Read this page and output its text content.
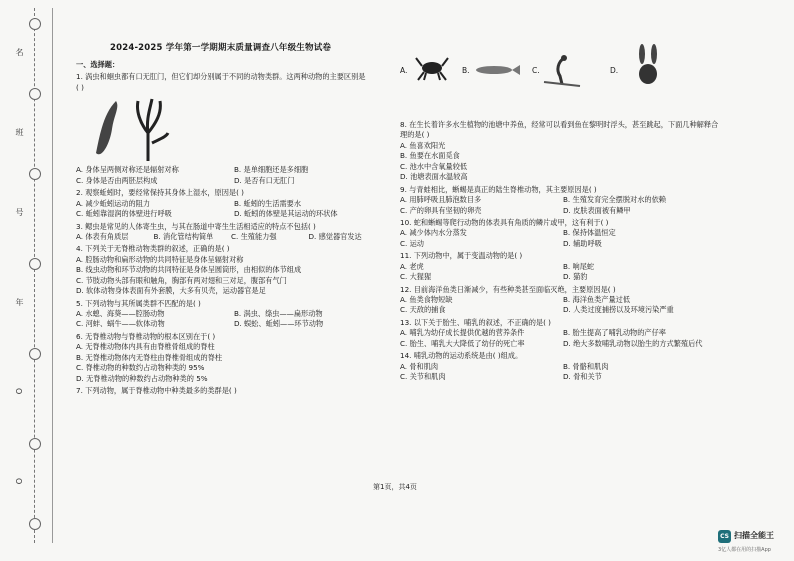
名
班
号
年
O
O
2024-2025 学年第一学期期末质量调查八年级生物试卷
一、选择题：
1. 涡虫和蛔虫都有口无肛门，但它们却分别属于不同的动物类群。这两种动物的主要区别是
( )
A. 身体呈两侧对称还是辐射对称	B. 是单细胞还是多细胞
C. 身体是否由两胚层构成	D. 是否有口无肛门
2. 观察蚯蚓时，要经常保持其身体上湿水，原因是( )
A. 减少蚯蚓运动的阻力	B. 蚯蚓的生活需要水
C. 蚯蚓靠湿润的体壁进行呼吸	D. 蚯蚓的体壁是其运动的环状体
3. 鳃虫是常见的人体寄生虫，与其在肠道中寄生生活相适应的特点不包括( )
A. 体表有角质层	B. 消化管结构简单	C. 生殖能力强	D. 感觉器官发达
4. 下列关于无脊椎动物类群的叙述，正确的是( )
A. 腔肠动物和扁形动物的共同特征是身体呈辐射对称
B. 线虫动物和环节动物的共同特征是身体呈圆筒形，由相似的体节组成
C. 节肢动物头部有眼和触角，胸部有两对翅和三对足，腹部有气门
D. 软体动物身体表面有外套膜，大多有贝壳，运动器官是足
5. 下列动物与其所属类群不匹配的是( )
A. 水螅、海葵——腔肠动物	B. 涡虫、绦虫——扁形动物
C. 河蚌、蜗牛——软体动物	D. 蜈蚣、蚯蚓——环节动物
6. 无脊椎动物与脊椎动物的根本区别在于( )
A. 无脊椎动物体内具有由脊椎骨组成的脊柱
B. 无脊椎动物体内无脊柱由脊椎骨组成的脊柱
C. 脊椎动物的种数约占动物种类的 95%
D. 无脊椎动物的种数约占动物种类的 5%
7. 下列动物，属于脊椎动物中种类最多的类群是( )
A.	B.	C.	D.
8. 在生长着许多水生植物的池塘中养鱼，经常可以看到鱼在黎明时浮头，甚至跳起，下面几种解释合理的是( )
A. 鱼喜欢阳光
B. 鱼要在水面觅食
C. 池水中含氧量较低
D. 池塘表面水温较高
9. 与青蛙相比，蜥蜴是真正的陆生脊椎动物，其主要原因是( )
A. 用肺呼吸且肺泡数目多	B. 生殖发育完全摆脱对水的依赖
C. 产的卵具有坚韧的卵壳	D. 皮肤表面被有鳞甲
10. 蛇和蜥蜴等爬行动物的体表具有角质的鳞片或甲，这有利于( )
A. 减少体内水分蒸发	B. 保持体温恒定
C. 运动	D. 辅助呼吸
11. 下列动物中，属于变温动物的是( )
A. 老虎	B. 响尾蛇
C. 大猩猩	D. 猫豹
12. 目前海洋鱼类日渐减少，有些种类甚至面临灭绝，主要原因是( )
A. 鱼类食物短缺	B. 海洋鱼类产量过低
C. 天敌的捕食	D. 人类过度捕捞以及环境污染严重
13. 以下关于胎生、哺乳的叙述，不正确的是( )
A. 哺乳为幼仔成长提供优越的营养条件	B. 胎生提高了哺乳动物的产仔率
C. 胎生、哺乳大大降低了幼仔的死亡率	D. 绝大多数哺乳动物以胎生的方式繁殖后代
14. 哺乳动物的运动系统是由( )组成。
A. 骨和肌肉	B. 骨骼和肌肉
C. 关节和肌肉	D. 骨和关节
第1页，共4页
CS 扫描全能王
3亿人都在用的扫描App
